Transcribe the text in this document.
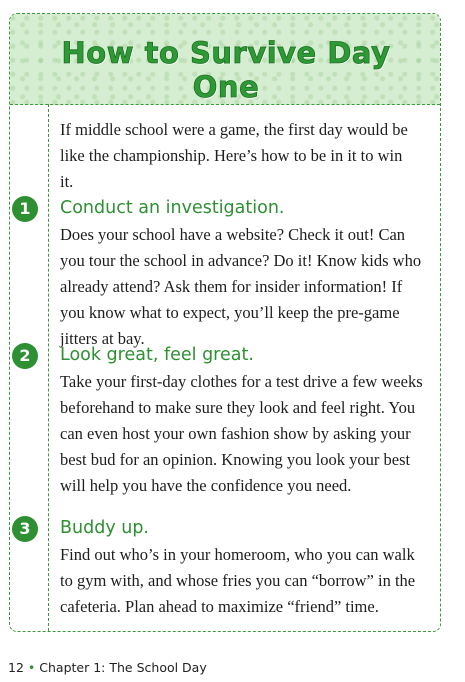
How to Survive Day One
If middle school were a game, the first day would be like the championship. Here’s how to be in it to win it.
1	Conduct an investigation.
Does your school have a website? Check it out! Can you tour the school in advance? Do it! Know kids who already attend? Ask them for insider information! If you know what to expect, you’ll keep the pre-game jitters at bay.
2	Look great, feel great.
Take your first-day clothes for a test drive a few weeks beforehand to make sure they look and feel right. You can even host your own fashion show by asking your best bud for an opinion. Knowing you look your best will help you have the confidence you need.
3	Buddy up.
Find out who’s in your homeroom, who you can walk to gym with, and whose fries you can “borrow” in the cafeteria. Plan ahead to maximize “friend” time.
12 • Chapter 1: The School Day
